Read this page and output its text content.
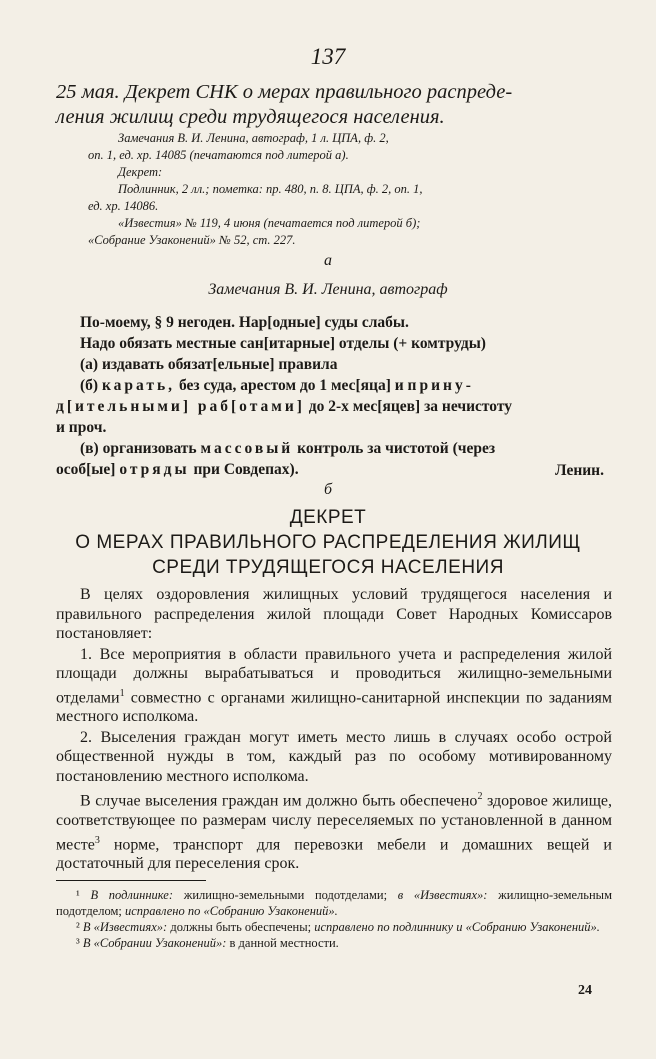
137
25 мая. Декрет СНК о мерах правильного распреде-
ления жилищ среди трудящегося населения.
Замечания В. И. Ленина, автограф, 1 л. ЦПА, ф. 2,
оп. 1, ед. хр. 14085 (печатаются под литерой а).
Декрет:
Подлинник, 2 лл.; пометка: пр. 480, п. 8. ЦПА, ф. 2, оп. 1,
ед. хр. 14086.
«Известия» № 119, 4 июня (печатается под литерой б);
«Собрание Узаконений» № 52, ст. 227.
а
Замечания В. И. Ленина, автограф

По-моему, § 9 негоден. Нар[одные] суды слабы.

Надо обязать местные сан[итарные] отделы (+ комтруды)

(а) издавать обязат[ельные] правила

(б) карать, без суда, арестом до 1 мес[яца] и прину-

д[ительными] раб[отами] до 2-х мес[яцев] за нечистоту

и проч.

(в) организовать массовый контроль за чистотой (через

особ[ые] отряды при Совдепах).	Ленин.
б
ДЕКРЕТ
О МЕРАХ ПРАВИЛЬНОГО РАСПРЕДЕЛЕНИЯ ЖИЛИЩ
СРЕДИ ТРУДЯЩЕГОСЯ НАСЕЛЕНИЯ

В целях оздоровления жилищных условий трудящегося населения и правильного распределения жилой площади Совет Народных Комиссаров постановляет:

1. Все мероприятия в области правильного учета и распределения жилой площади должны вырабатываться и проводиться жилищно-земельными отделами$^1$ совместно с органами жилищно-санитарной инспекции по заданиям местного исполкома.

2. Выселения граждан могут иметь место лишь в случаях особо острой общественной нужды в том, каждый раз по особому мотивированному постановлению местного исполкома.

В случае выселения граждан им должно быть обеспечено$^2$ здоровое жилище, соответствующее по размерам числу переселяемых по установленной в данном месте$^3$ норме, транспорт для перевозки мебели и домашних вещей и достаточный для переселения срок.

¹ В подлиннике: жилищно-земельными подотделами; в «Известиях»: жилищно-земельным подотделом; исправлено по «Собранию Узаконений».

² В «Известиях»: должны быть обеспечены; исправлено по подлиннику и «Собранию Узаконений».

³ В «Собрании Узаконений»: в данной местности.

24
